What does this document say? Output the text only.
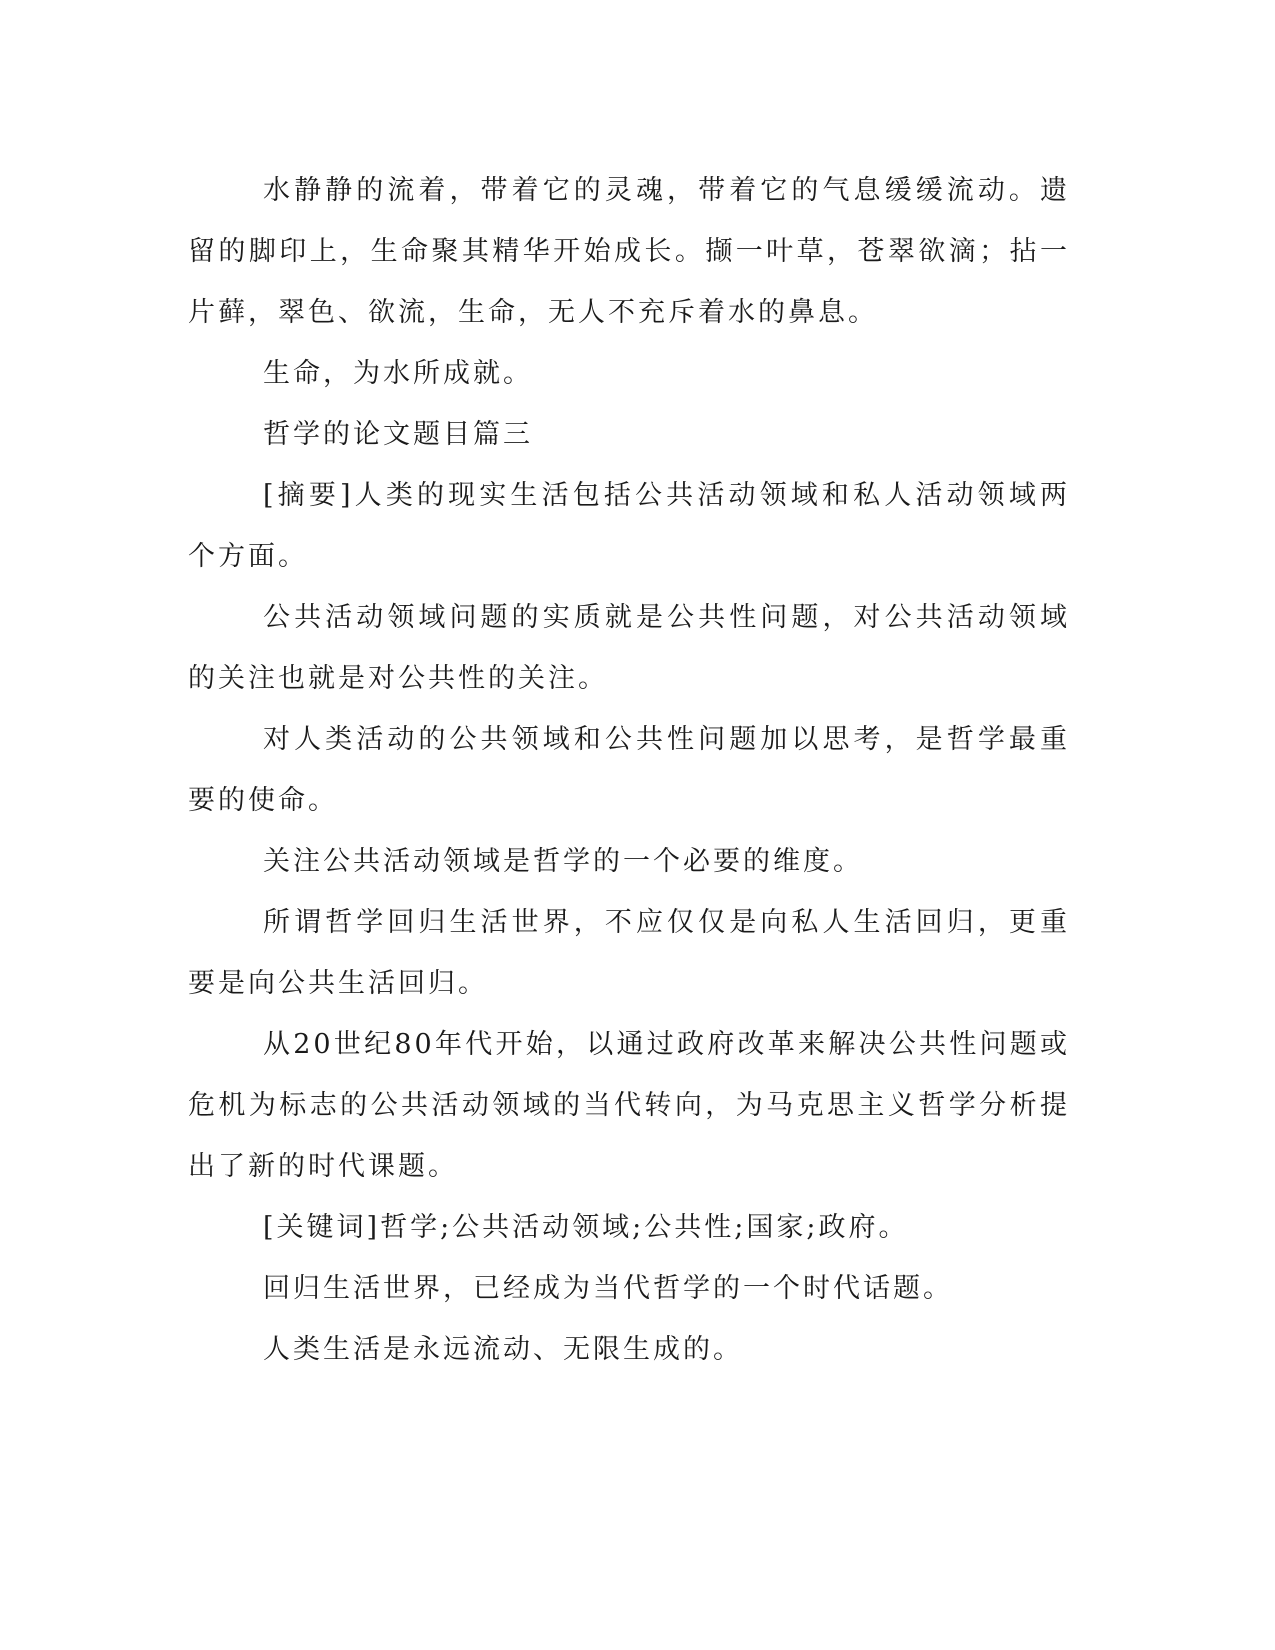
水静静的流着，带着它的灵魂，带着它的气息缓缓流动。遗留的脚印上，生命聚其精华开始成长。撷一叶草，苍翠欲滴；拈一片藓，翠色、欲流，生命，无人不充斥着水的鼻息。

生命，为水所成就。

哲学的论文题目篇三

[摘要]人类的现实生活包括公共活动领域和私人活动领域两个方面。

公共活动领域问题的实质就是公共性问题，对公共活动领域的关注也就是对公共性的关注。

对人类活动的公共领域和公共性问题加以思考，是哲学最重要的使命。

关注公共活动领域是哲学的一个必要的维度。

所谓哲学回归生活世界，不应仅仅是向私人生活回归，更重要是向公共生活回归。

从20世纪80年代开始，以通过政府改革来解决公共性问题或危机为标志的公共活动领域的当代转向，为马克思主义哲学分析提出了新的时代课题。

[关键词]哲学;公共活动领域;公共性;国家;政府。

回归生活世界，已经成为当代哲学的一个时代话题。

人类生活是永远流动、无限生成的。
